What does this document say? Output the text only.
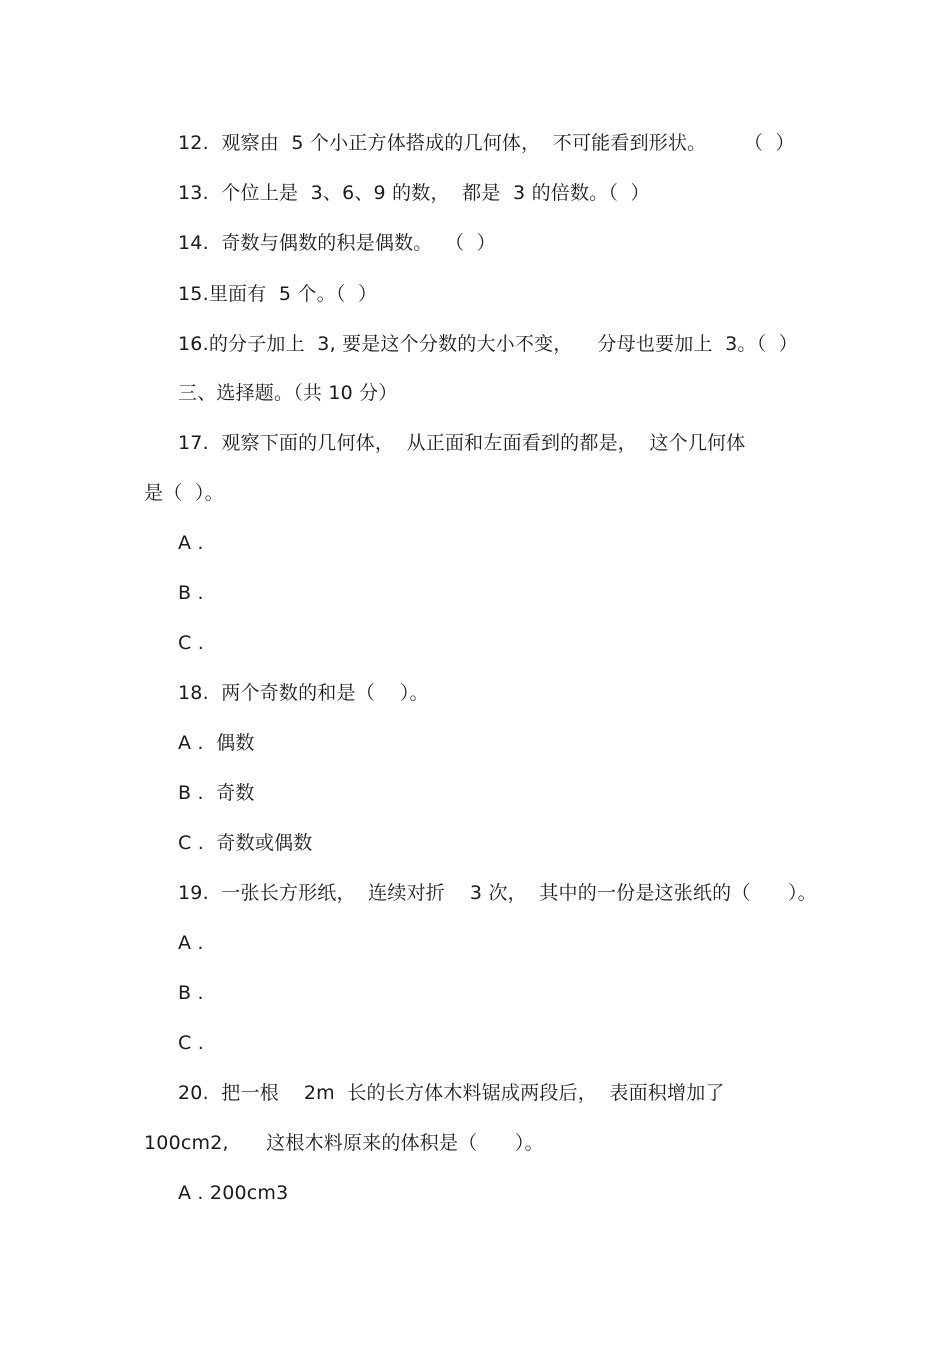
12.  观察由  5 个小正方体搭成的几何体，  不可能看到形状。      （  ）
13.  个位上是  3、6、9 的数，  都是  3 的倍数。（  ）
14.  奇数与偶数的积是偶数。  （  ）
15.里面有  5 个。（  ）
16.的分子加上  3, 要是这个分数的大小不变，    分母也要加上  3。（  ）
三、选择题。（共 10 分）
17.  观察下面的几何体，  从正面和左面看到的都是，  这个几何体
是（  ）。
A .
B .
C .
18.  两个奇数的和是（    ）。
A .  偶数
B .  奇数
C .  奇数或偶数
19.  一张长方形纸，  连续对折    3 次，  其中的一份是这张纸的（      ）。
A .
B .
C .
20.  把一根    2m  长的长方体木料锯成两段后，  表面积增加了
100cm2,      这根木料原来的体积是（      ）。
A . 200cm3
